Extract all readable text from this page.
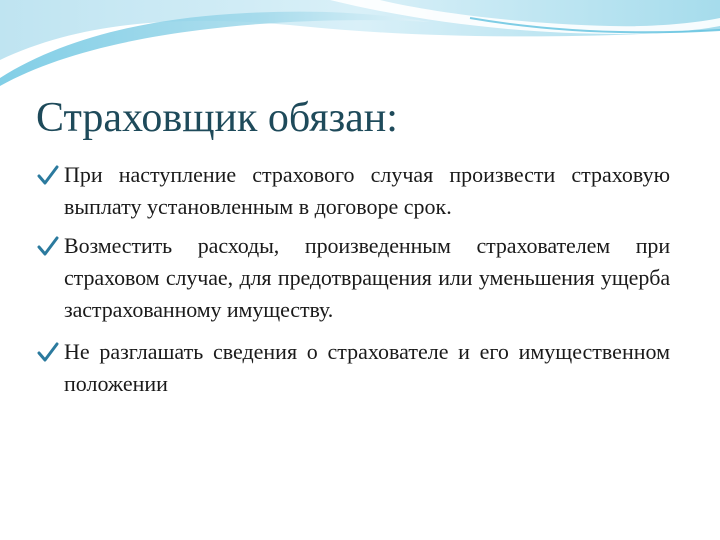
Страховщик обязан:
При наступление страхового случая произвести страховую выплату установленным в договоре срок.
Возместить расходы, произведенным страхователем при страховом случае, для предотвращения или уменьшения ущерба застрахованному имуществу.
Не разглашать сведения о страхователе и его имущественном положении
